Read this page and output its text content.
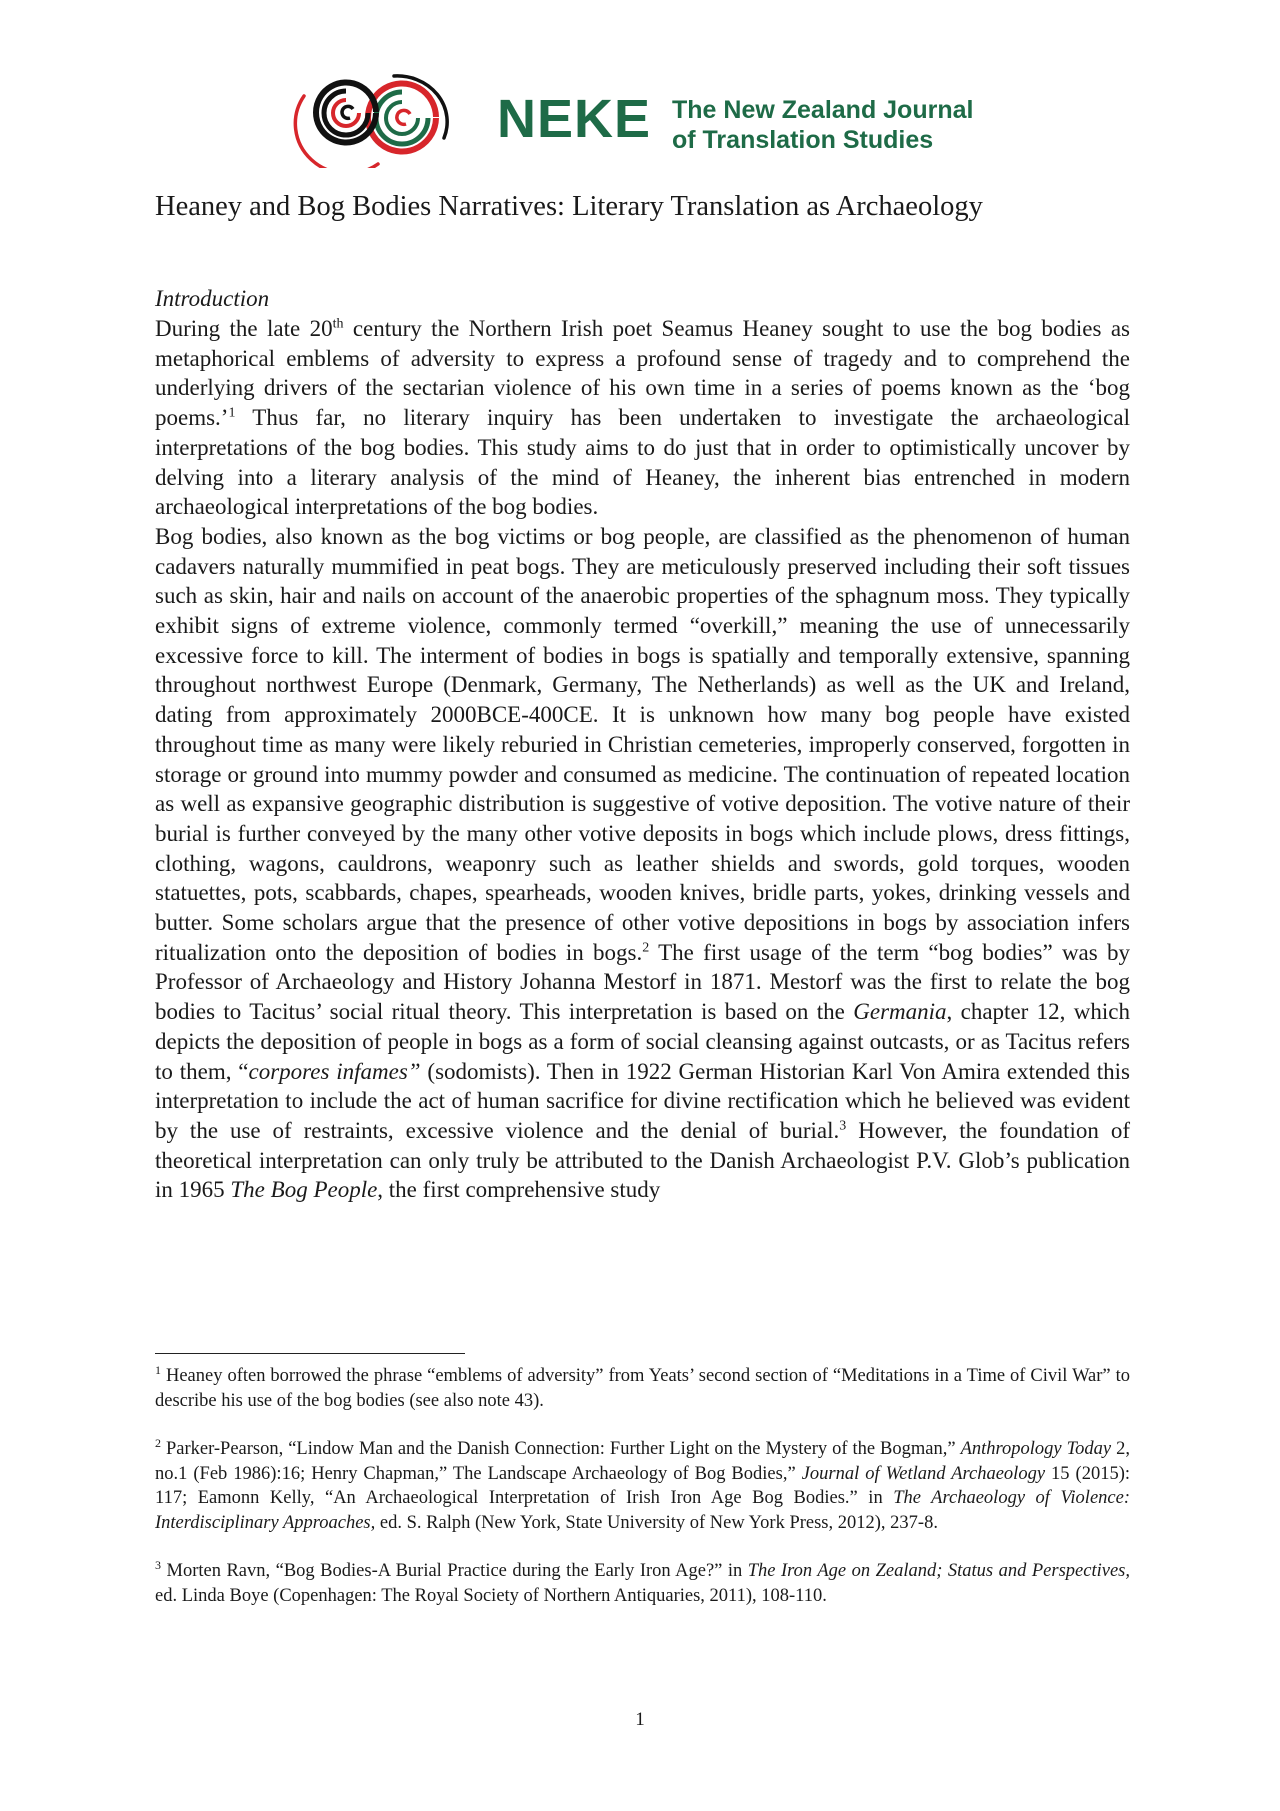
NEKE The New Zealand Journal
of Translation Studies
Heaney and Bog Bodies Narratives: Literary Translation as Archaeology

Introduction

During the late 20th century the Northern Irish poet Seamus Heaney sought to use the bog bodies as metaphorical emblems of adversity to express a profound sense of tragedy and to comprehend the underlying drivers of the sectarian violence of his own time in a series of poems known as the ‘bog poems.’$^1$ Thus far, no literary inquiry has been undertaken to investigate the archaeological interpretations of the bog bodies. This study aims to do just that in order to optimistically uncover by delving into a literary analysis of the mind of Heaney, the inherent bias entrenched in modern archaeological interpretations of the bog bodies.

Bog bodies, also known as the bog victims or bog people, are classified as the phenomenon of human cadavers naturally mummified in peat bogs. They are meticulously preserved including their soft tissues such as skin, hair and nails on account of the anaerobic properties of the sphagnum moss. They typically exhibit signs of extreme violence, commonly termed “overkill,” meaning the use of unnecessarily excessive force to kill. The interment of bodies in bogs is spatially and temporally extensive, spanning throughout northwest Europe (Denmark, Germany, The Netherlands) as well as the UK and Ireland, dating from approximately 2000BCE-400CE. It is unknown how many bog people have existed throughout time as many were likely reburied in Christian cemeteries, improperly conserved, forgotten in storage or ground into mummy powder and consumed as medicine. The continuation of repeated location as well as expansive geographic distribution is suggestive of votive deposition. The votive nature of their burial is further conveyed by the many other votive deposits in bogs which include plows, dress fittings, clothing, wagons, cauldrons, weaponry such as leather shields and swords, gold torques, wooden statuettes, pots, scabbards, chapes, spearheads, wooden knives, bridle parts, yokes, drinking vessels and butter. Some scholars argue that the presence of other votive depositions in bogs by association infers ritualization onto the deposition of bodies in bogs.$^2$ The first usage of the term “bog bodies” was by Professor of Archaeology and History Johanna Mestorf in 1871. Mestorf was the first to relate the bog bodies to Tacitus’ social ritual theory. This interpretation is based on the Germania, chapter 12, which depicts the deposition of people in bogs as a form of social cleansing against outcasts, or as Tacitus refers to them, “corpores infames” (sodomists). Then in 1922 German Historian Karl Von Amira extended this interpretation to include the act of human sacrifice for divine rectification which he believed was evident by the use of restraints, excessive violence and the denial of burial.$^3$ However, the foundation of theoretical interpretation can only truly be attributed to the Danish Archaeologist P.V. Glob’s publication in 1965 The Bog People, the first comprehensive study

$^1$ Heaney often borrowed the phrase “emblems of adversity” from Yeats’ second section of “Meditations in a Time of Civil War” to describe his use of the bog bodies (see also note 43).

$^2$ Parker-Pearson, “Lindow Man and the Danish Connection: Further Light on the Mystery of the Bogman,” Anthropology Today 2, no.1 (Feb 1986):16; Henry Chapman,” The Landscape Archaeology of Bog Bodies,” Journal of Wetland Archaeology 15 (2015): 117; Eamonn Kelly, “An Archaeological Interpretation of Irish Iron Age Bog Bodies.” in The Archaeology of Violence: Interdisciplinary Approaches, ed. S. Ralph (New York, State University of New York Press, 2012), 237-8.

$^3$ Morten Ravn, “Bog Bodies-A Burial Practice during the Early Iron Age?” in The Iron Age on Zealand; Status and Perspectives, ed. Linda Boye (Copenhagen: The Royal Society of Northern Antiquaries, 2011), 108-110.

1
